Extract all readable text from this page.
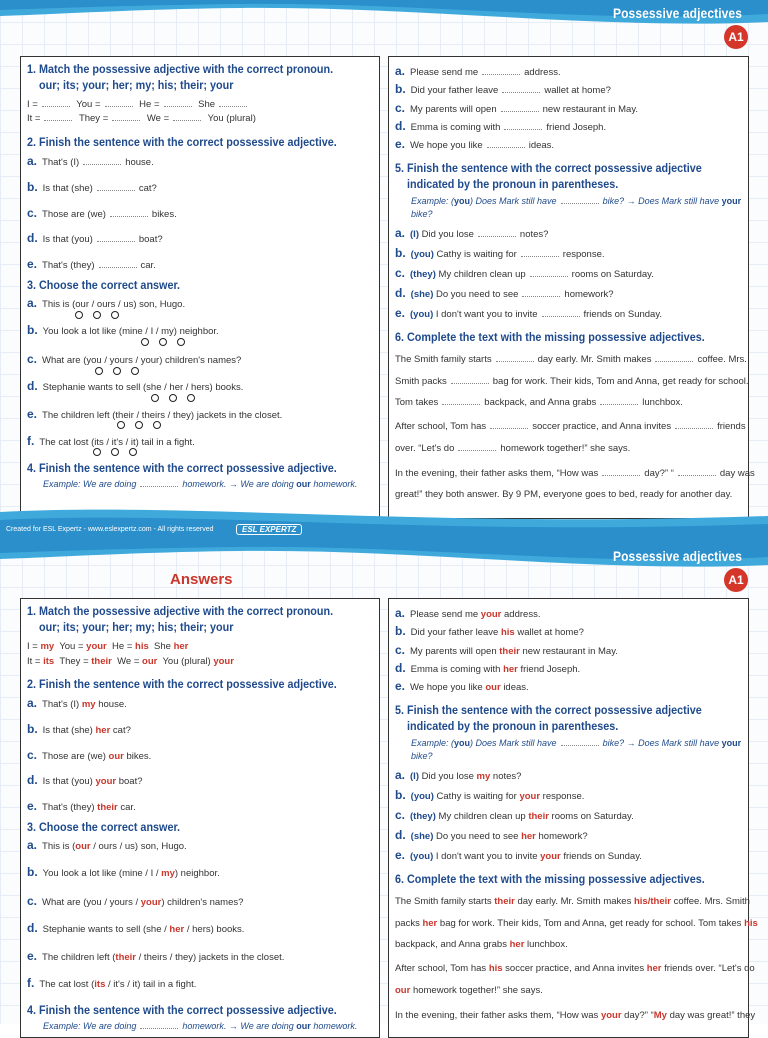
Possessive adjectives
A1
1. Match the possessive adjective with the correct pronoun.
our; its; your; her; my; his; their; your
I =	You =	He =	She
It =	They =	We =	You (plural)
2. Finish the sentence with the correct possessive adjective.
a. That's (I)	house.
b. Is that (she)	cat?
c. Those are (we)	bikes.
d. Is that (you)	boat?
e. That's (they)	car.
3. Choose the correct answer.
a. This is (our / ours / us) son, Hugo.
b. You look a lot like (mine / I / my) neighbor.
c. What are (you / yours / your) children's names?
d. Stephanie wants to sell (she / her / hers) books.
e. The children left (their / theirs / they) jackets in the closet.
f. The cat lost (its / it's / it) tail in a fight.
4. Finish the sentence with the correct possessive adjective.
Example: We are doing	homework. → We are doing our homework.
a. Please send me	address.
b. Did your father leave	wallet at home?
c. My parents will open	new restaurant in May.
d. Emma is coming with	friend Joseph.
e. We hope you like	ideas.
5. Finish the sentence with the correct possessive adjective
indicated by the pronoun in parentheses.
Example: (you) Does Mark still have	bike? → Does Mark still have your
bike?
a. (I) Did you lose	notes?
b. (you) Cathy is waiting for	response.
c. (they) My children clean up	rooms on Saturday.
d. (she) Do you need to see	homework?
e. (you) I don't want you to invite	friends on Sunday.
6. Complete the text with the missing possessive adjectives.
The Smith family starts	day early. Mr. Smith makes	coffee. Mrs.
Smith packs	bag for work. Their kids, Tom and Anna, get ready for school.
Tom takes	backpack, and Anna grabs	lunchbox.
After school, Tom has	soccer practice, and Anna invites	friends
over. “Let's do	homework together!” she says.
In the evening, their father asks them, “How was	day?” “	day was
great!” they both answer. By 9 PM, everyone goes to bed, ready for another day.
Created for ESL Expertz - www.eslexpertz.com - All rights reserved	ESL EXPERTZ
Possessive adjectives
A1
Answers
1. Match the possessive adjective with the correct pronoun.
our; its; your; her; my; his; their; your
I = my You = your He = his She her
It = its They = their We = our You (plural) your
2. Finish the sentence with the correct possessive adjective.
a. That's (I) my house.
b. Is that (she) her cat?
c. Those are (we) our bikes.
d. Is that (you) your boat?
e. That's (they) their car.
3. Choose the correct answer.
a. This is (our / ours / us) son, Hugo.
b. You look a lot like (mine / I / my) neighbor.
c. What are (you / yours / your) children's names?
d. Stephanie wants to sell (she / her / hers) books.
e. The children left (their / theirs / they) jackets in the closet.
f. The cat lost (its / it's / it) tail in a fight.
4. Finish the sentence with the correct possessive adjective.
Example: We are doing	homework. → We are doing our homework.
a. Please send me your address.
b. Did your father leave his wallet at home?
c. My parents will open their new restaurant in May.
d. Emma is coming with her friend Joseph.
e. We hope you like our ideas.
5. Finish the sentence with the correct possessive adjective
indicated by the pronoun in parentheses.
Example: (you) Does Mark still have	bike? → Does Mark still have your
bike?
a. (I) Did you lose my notes?
b. (you) Cathy is waiting for your response.
c. (they) My children clean up their rooms on Saturday.
d. (she) Do you need to see her homework?
e. (you) I don't want you to invite your friends on Sunday.
6. Complete the text with the missing possessive adjectives.
The Smith family starts their day early. Mr. Smith makes his/their coffee. Mrs. Smith
packs her bag for work. Their kids, Tom and Anna, get ready for school. Tom takes his
backpack, and Anna grabs her lunchbox.
After school, Tom has his soccer practice, and Anna invites her friends over. “Let's do
our homework together!” she says.
In the evening, their father asks them, “How was your day?” “My day was great!” they
